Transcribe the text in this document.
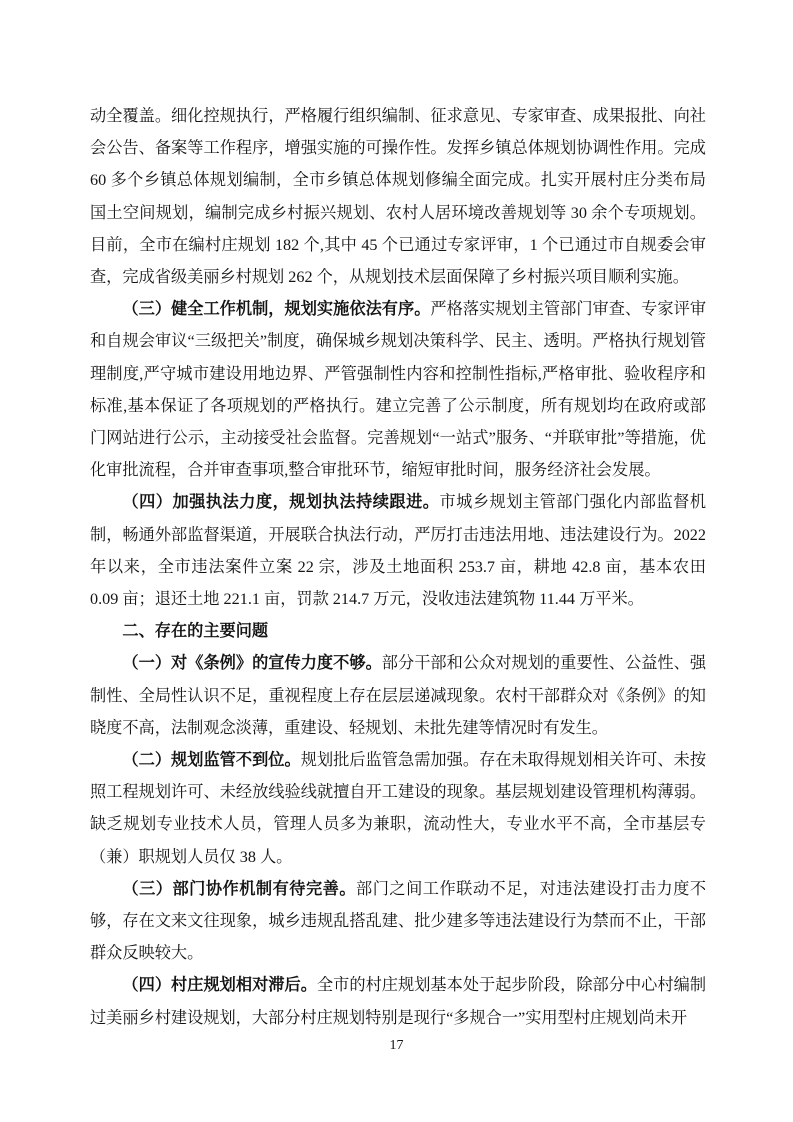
动全覆盖。细化控规执行，严格履行组织编制、征求意见、专家审查、成果报批、向社会公告、备案等工作程序，增强实施的可操作性。发挥乡镇总体规划协调性作用。完成 60 多个乡镇总体规划编制，全市乡镇总体规划修编全面完成。扎实开展村庄分类布局国土空间规划，编制完成乡村振兴规划、农村人居环境改善规划等 30 余个专项规划。目前，全市在编村庄规划 182 个,其中 45 个已通过专家评审，1 个已通过市自规委会审查，完成省级美丽乡村规划 262 个，从规划技术层面保障了乡村振兴项目顺利实施。

（三）健全工作机制，规划实施依法有序。严格落实规划主管部门审查、专家评审和自规会审议“三级把关”制度，确保城乡规划决策科学、民主、透明。严格执行规划管理制度,严守城市建设用地边界、严管强制性内容和控制性指标,严格审批、验收程序和标准,基本保证了各项规划的严格执行。建立完善了公示制度，所有规划均在政府或部门网站进行公示，主动接受社会监督。完善规划“一站式”服务、“并联审批”等措施，优化审批流程，合并审查事项,整合审批环节，缩短审批时间，服务经济社会发展。

（四）加强执法力度，规划执法持续跟进。市城乡规划主管部门强化内部监督机制，畅通外部监督渠道，开展联合执法行动，严厉打击违法用地、违法建设行为。2022 年以来，全市违法案件立案 22 宗，涉及土地面积 253.7 亩，耕地 42.8 亩，基本农田 0.09 亩；退还土地 221.1 亩，罚款 214.7 万元，没收违法建筑物 11.44 万平米。

二、存在的主要问题

（一）对《条例》的宣传力度不够。部分干部和公众对规划的重要性、公益性、强制性、全局性认识不足，重视程度上存在层层递减现象。农村干部群众对《条例》的知晓度不高，法制观念淡薄，重建设、轻规划、未批先建等情况时有发生。

（二）规划监管不到位。规划批后监管急需加强。存在未取得规划相关许可、未按照工程规划许可、未经放线验线就擅自开工建设的现象。基层规划建设管理机构薄弱。缺乏规划专业技术人员，管理人员多为兼职，流动性大，专业水平不高，全市基层专（兼）职规划人员仅 38 人。

（三）部门协作机制有待完善。部门之间工作联动不足，对违法建设打击力度不够，存在文来文往现象，城乡违规乱搭乱建、批少建多等违法建设行为禁而不止，干部群众反映较大。

（四）村庄规划相对滞后。全市的村庄规划基本处于起步阶段，除部分中心村编制过美丽乡村建设规划，大部分村庄规划特别是现行“多规合一”实用型村庄规划尚未开

17
